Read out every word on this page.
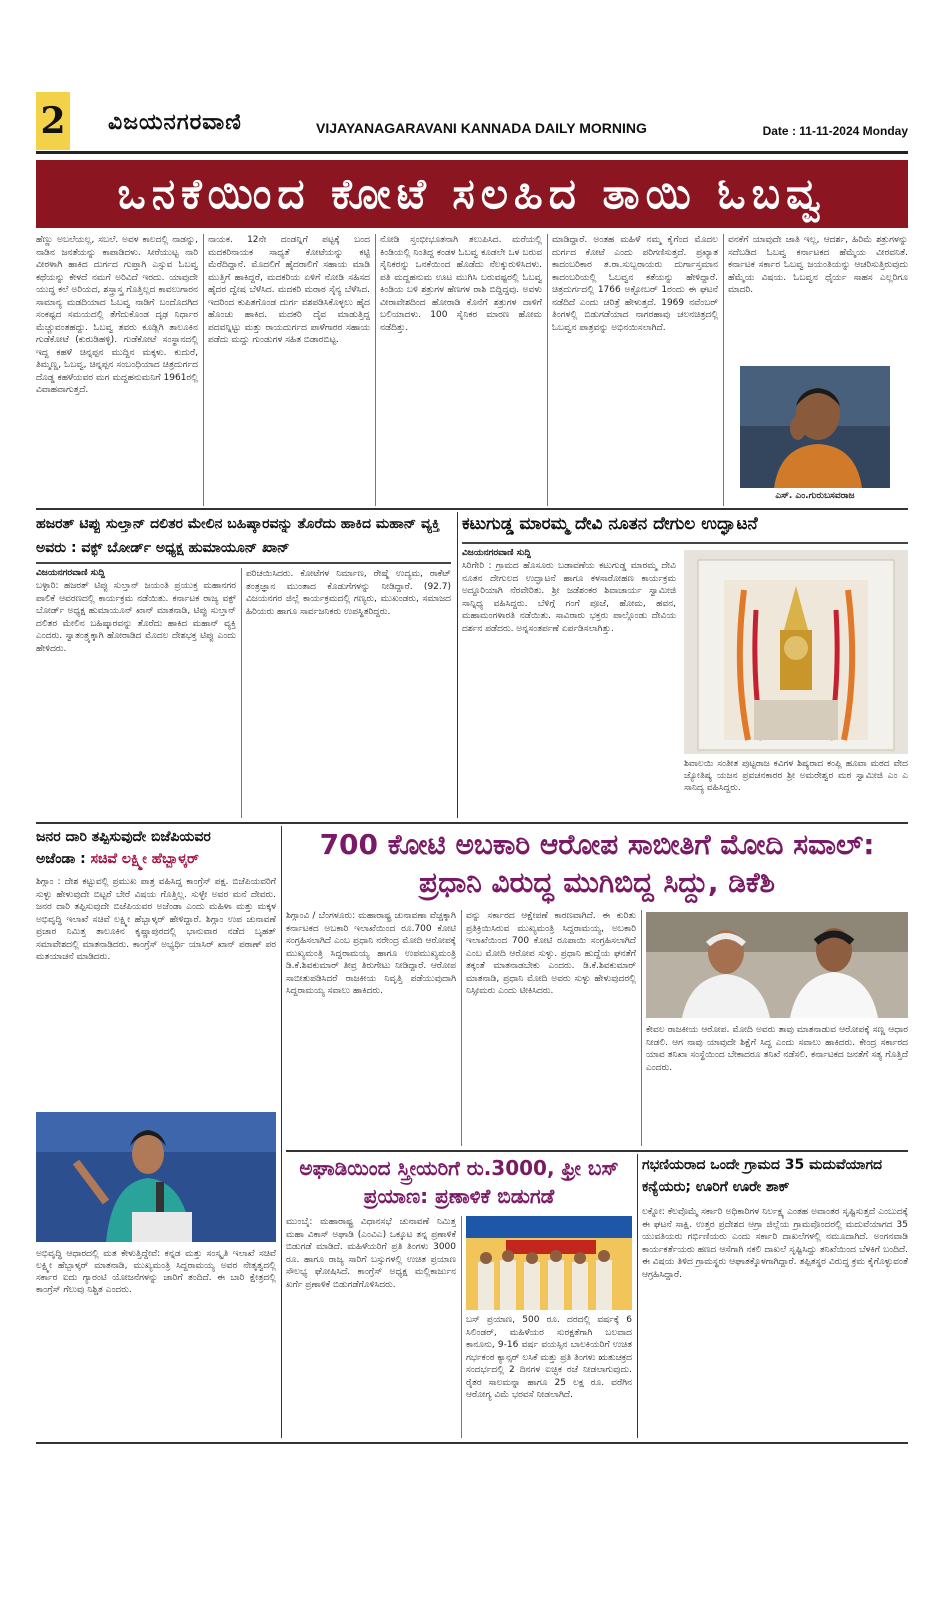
2 ವಿಜಯನಗರವಾಣಿ	VIJAYANAGARAVANI KANNADA DAILY MORNING	Date : 11-11-2024 Monday
ಒನಕೆಯಿಂದ ಕೋಟೆ ಸಲಹಿದ ತಾಯಿ ಓಬವ್ವ
ಹೆಣ್ಣು ಅಬಲೆಯಲ್ಲ, ಸಬಲೆ. ಅವಳ ಕಾಲದಲ್ಲಿ ನಾಡನ್ನು, ನಾಡಿನ ಜನತೆಯನ್ನು ಕಾಪಾಡಿದಳು. ಸೀರೆಯುಟ್ಟ ನಾರಿ ವೀರಳಾಗಿ ಹಾಕಿದ ದುರ್ಗದ ಗುಪ್ತಾಗಿ ಎಸ್ಸುವ ಓಬವ್ವ ಕಥೆಯನ್ನು ಕೇಳದೆ ನಮಗೆ ಅರಿವಿದೆ ಇರದು. ಯಾವುದೇ ಯುದ್ಧ ಕಲೆ ಅರಿಯದ, ಶಸ್ತ್ರಾಸ್ತ್ರ ಗೊತ್ತಿಲ್ಲದ ಕಾವಲುಗಾರನ ಸಾಮಾನ್ಯ ಮಡದಿಯಾದ ಓಬವ್ವ ನಾಡಿಗೆ ಬಂದೊದಗಿದ ಸಂಕಷ್ಟದ ಸಮಯದಲ್ಲಿ ತೆಗೆದುಕೊಂಡ ದೃಢ ನಿರ್ಧಾರ ಮೆಚ್ಚುವಂತಹದ್ದು. ಓಬವ್ವ ತವರು ಕೂಡ್ಲಿಗಿ ತಾಲೂಕಿನ ಗುಡೆಕೋಟೆ (ಕುರುಡಿಹಳ್ಳಿ). ಗುಡೆಕೋಟೆ ಸಂಸ್ಥಾನದಲ್ಲಿ ಇದ್ದ ಕಹಳೆ ಚಿನ್ನಪ್ಪನ ಮುದ್ದಿನ ಮಕ್ಕಳು. ಕುದುರೆ, ತಿಮ್ಮಣ್ಣ, ಓಬವ್ವ, ಚಿನ್ನಪ್ಪನ ಸಂಬಂಧಿಯಾದ ಚಿತ್ರದುರ್ಗದ ದೊಡ್ಡ ಕಹಳೆಯವರ ಮಗ ಮದ್ದಹನುಮನಿಗೆ 1961ರಲ್ಲಿ ವಿವಾಹವಾಗುತ್ತದೆ.
ನಾಯಕ. 12ನೇ ದಂಡನ್ನಿಗೆ ಪಟ್ಟಕ್ಕೆ ಬಂದ ಮದಕರಿನಾಯಕ ಸಾಧ್ಯತೆ ಕೋಟೆಯನ್ನು ಕಟ್ಟಿ ಮೆರೆದಿದ್ದಾನೆ. ಮೊದಲಿಗೆ ಹೈದರಾಲಿಗೆ ಸಹಾಯ ಮಾಡಿ ಮುತ್ತಿಗೆ ಹಾಕಿದ್ದರೆ, ಮದಕರಿಯ ಏಳಿಗೆ ನೋಡಿ ಸಹಿಸದ ಹೈದರ ದ್ವೇಷ ಬೆಳೆಸಿದ. ಮದಕರಿ ಮರಾಠ ಸೈನ್ಯ ಬೆಳೆಸಿದ. ಇದರಿಂದ ಕುಪಿತಗೊಂಡ ದುರ್ಗ ವಶಪಡಿಸಿಕೊಳ್ಳಲು ಹೈದ ಹೊಂಚು ಹಾಕಿದ. ಮದಕರಿ ದೈವ ಮಾಡುತ್ತಿದ್ದ ಪದವನ್ನಿಟ್ಟು ಮತ್ತು ರಾಯದುರ್ಗದ ಪಾಳೆಗಾರರ ಸಹಾಯ ಪಡೆದು ಮದ್ದು ಗುಂಡುಗಳ ಸಹಿತ ಬಿಡಾರಬಿಟ್ಟ.
ನೋಡಿ ಸ್ತಂಭೀಭೂತನಾಗಿ ತಲುಪಿಸಿದ. ಮರೆಯಲ್ಲಿ ಕಿಂಡಿಯಲ್ಲಿ ನಿಂತಿದ್ದ ಕಂಡಳ ಓಬವ್ವ ಕೂಡಲೇ ಒಳ ಬರುವ ಸೈನಿಕರನ್ನು ಒನಕೆಯಿಂದ ಹೊಡೆದು ನೆಲಕ್ಕುರುಳಿಸಿದಳು. ಪತಿ ಮದ್ದಹನುಮ ಊಟ ಮುಗಿಸಿ ಬರುವಷ್ಟರಲ್ಲಿ ಓಬವ್ವ ಕಿಂಡಿಯ ಬಳಿ ಶತ್ರುಗಳ ಹೆಣಗಳ ರಾಶಿ ಬಿದ್ದಿದ್ದವು. ಅವಳು ವೀರಾವೇಶದಿಂದ ಹೋರಾಡಿ ಕೊನೆಗೆ ಶತ್ರುಗಳ ದಾಳಿಗೆ ಬಲಿಯಾದಳು. 100 ಸೈನಿಕರ ಮಾರಣ ಹೋಮ ನಡೆದಿತ್ತು.
ಮಾಡಿದ್ದಾರೆ. ಅಂತಹ ಮಹಿಳೆ ನಮ್ಮ ಕೈಗೆಂದ ಮೊದಲ ದುರ್ಗದ ಕೋಟೆ ಎಂದು ಪರಿಗಣಿಸುತ್ತದೆ. ಪ್ರಖ್ಯಾತ ಕಾದಂಬರಿಕಾರ ತ.ರಾ.ಸುಬ್ಬರಾಯರು ದುರ್ಗಾಸ್ತಮಾನ ಕಾದಂಬರಿಯಲ್ಲಿ ಓಬವ್ವನ ಕತೆಯನ್ನು ಹೇಳಿದ್ದಾರೆ. ಚಿತ್ರದುರ್ಗದಲ್ಲಿ 1766 ಅಕ್ಟೋಬರ್ 1ರಂದು ಈ ಘಟನೆ ನಡೆದಿದೆ ಎಂದು ಚರಿತ್ರೆ ಹೇಳುತ್ತದೆ. 1969 ನವೆಂಬರ್ ತಿಂಗಳಲ್ಲಿ ಬಿಡುಗಡೆಯಾದ ನಾಗರಹಾವು ಚಲನಚಿತ್ರದಲ್ಲಿ ಓಬವ್ವನ ಪಾತ್ರವನ್ನು ಅಭಿನಯಿಸಲಾಗಿದೆ.
ವನಕೆಗೆ ಯಾವುದೇ ಜಾತಿ ಇಲ್ಲ, ಆದರ್ಶ, ಹಿರಿಮೆ ಶತ್ರುಗಳನ್ನು ಸದೆಬಡಿದ ಓಬವ್ವ ಕರ್ನಾಟಕದ ಹೆಮ್ಮೆಯ ವೀರವನಿತೆ. ಕರ್ನಾಟಕ ಸರ್ಕಾರ ಓಬವ್ವ ಜಯಂತಿಯನ್ನು ಆಚರಿಸುತ್ತಿರುವುದು ಹೆಮ್ಮೆಯ ವಿಷಯ. ಓಬವ್ವನ ಧೈರ್ಯ ಸಾಹಸ ಎಲ್ಲರಿಗೂ ಮಾದರಿ.
ಎಸ್. ಎಂ.ಗುರುಬಸವರಾಜ
ಹಜರತ್ ಟಿಪ್ಪು ಸುಲ್ತಾನ್ ದಲಿತರ ಮೇಲಿನ ಬಹಿಷ್ಕಾರವನ್ನು ತೊರೆದು ಹಾಕಿದ ಮಹಾನ್ ವ್ಯಕ್ತಿ ಅವರು : ವಕ್ಫ್ ಬೋರ್ಡ್ ಅಧ್ಯಕ್ಷ ಹುಮಾಯೂನ್ ಖಾನ್
ವಿಜಯನಗರವಾಣಿ ಸುದ್ದಿ
ಬಳ್ಳಾರಿ: ಹಜರತ್ ಟಿಪ್ಪು ಸುಲ್ತಾನ್ ಜಯಂತಿ ಪ್ರಯುಕ್ತ ಮಹಾನಗರ ಪಾಲಿಕೆ ಆವರಣದಲ್ಲಿ ಕಾರ್ಯಕ್ರಮ ನಡೆಯಿತು. ಕರ್ನಾಟಕ ರಾಜ್ಯ ವಕ್ಫ್ ಬೋರ್ಡ್ ಅಧ್ಯಕ್ಷ ಹುಮಾಯೂನ್ ಖಾನ್ ಮಾತನಾಡಿ, ಟಿಪ್ಪು ಸುಲ್ತಾನ್ ದಲಿತರ ಮೇಲಿನ ಬಹಿಷ್ಕಾರವನ್ನು ತೊರೆದು ಹಾಕಿದ ಮಹಾನ್ ವ್ಯಕ್ತಿ ಎಂದರು. ಸ್ವಾತಂತ್ರ್ಯಕ್ಕಾಗಿ ಹೋರಾಡಿದ ಮೊದಲ ದೇಶಭಕ್ತ ಟಿಪ್ಪು ಎಂದು ಹೇಳಿದರು.
ಪರಿಚಯಿಸಿದರು. ಕೋಟೆಗಳ ನಿರ್ಮಾಣ, ರೇಷ್ಮೆ ಉದ್ಯಮ, ರಾಕೆಟ್ ತಂತ್ರಜ್ಞಾನ ಮುಂತಾದ ಕೊಡುಗೆಗಳನ್ನು ನೀಡಿದ್ದಾರೆ. (92.7) ವಿಜಯನಗರ ಜಿಲ್ಲೆ ಕಾರ್ಯಕ್ರಮದಲ್ಲಿ ಗಣ್ಯರು, ಮುಖಂಡರು, ಸಮಾಜದ ಹಿರಿಯರು ಹಾಗೂ ಸಾರ್ವಜನಿಕರು ಉಪಸ್ಥಿತರಿದ್ದರು.
ಕಟುಗುಡ್ಡ ಮಾರಮ್ಮ ದೇವಿ ನೂತನ ದೇಗುಲ ಉದ್ಘಾಟನೆ
ವಿಜಯನಗರವಾಣಿ ಸುದ್ದಿ
ಸಿರಿಗೇರಿ : ಗ್ರಾಮದ ಹೊಸೂರು ಬಡಾವಣೆಯ ಕಟುಗುಡ್ಡ ಮಾರಮ್ಮ ದೇವಿ ನೂತನ ದೇಗುಲದ ಉದ್ಘಾಟನೆ ಹಾಗೂ ಕಳಸಾರೋಹಣ ಕಾರ್ಯಕ್ರಮ ಅದ್ದೂರಿಯಾಗಿ ನೆರವೇರಿತು. ಶ್ರೀ ಜಡೆಶಂಕರ ಶಿವಾಚಾರ್ಯ ಸ್ವಾಮೀಜಿ ಸಾನ್ನಿಧ್ಯ ವಹಿಸಿದ್ದರು. ಬೆಳಿಗ್ಗೆ ಗಂಗೆ ಪೂಜೆ, ಹೋಮ, ಹವನ, ಮಹಾಮಂಗಳಾರತಿ ನಡೆಯಿತು. ಸಾವಿರಾರು ಭಕ್ತರು ಪಾಲ್ಗೊಂಡು ದೇವಿಯ ದರ್ಶನ ಪಡೆದರು. ಅನ್ನಸಂತರ್ಪಣೆ ಏರ್ಪಡಿಸಲಾಗಿತ್ತು.
ಶಿವಾಲಯಿ ಸಂತೀತ ಪುಟ್ಟರಾಜ ಕವಿಗಳ ಶಿಷ್ಯರಾದ ಕಂಪ್ಲಿ ಹೂವಾ ಮಠದ ವೇದ ಜ್ಯೋತಿಷ್ಯ ಯಜನ ಪ್ರವಚನಕಾರರ ಶ್ರೀ ಅಮರೇಶ್ವರ ಮಠ ಸ್ವಾಮೀಜಿ ಎಂ ಎ ಸಾನಿದ್ಯ ವಹಿಸಿದ್ದರು.
ಜನರ ದಾರಿ ತಪ್ಪಿಸುವುದೇ ಬಿಜೆಪಿಯವರ
ಅಜೆಂಡಾ : ಸಚಿವೆ ಲಕ್ಷ್ಮೀ ಹೆಬ್ಬಾಳ್ಕರ್
ಶಿಗ್ಗಾಂ : ದೇಶ ಕಟ್ಟುವಲ್ಲಿ ಪ್ರಮುಖ ಪಾತ್ರ ವಹಿಸಿದ್ದ ಕಾಂಗ್ರೆಸ್ ಪಕ್ಷ. ಬಿಜೆಪಿಯವರಿಗೆ ಸುಳ್ಳು ಹೇಳುವುದೇ ಬಿಟ್ಟರೆ ಬೇರೆ ವಿಷಯ ಗೊತ್ತಿಲ್ಲ. ಸುಳ್ಳೇ ಅವರ ಮನೆ ದೇವರು. ಜನರ ದಾರಿ ತಪ್ಪಿಸುವುದೇ ಬಿಜೆಪಿಯವರ ಅಜೆಂಡಾ ಎಂದು ಮಹಿಳಾ ಮತ್ತು ಮಕ್ಕಳ ಅಭಿವೃದ್ಧಿ ಇಲಾಖೆ ಸಚಿವೆ ಲಕ್ಷ್ಮೀ ಹೆಬ್ಬಾಳ್ಕರ್ ಹೇಳಿದ್ದಾರೆ. ಶಿಗ್ಗಾಂ ಉಪ ಚುನಾವಣೆ ಪ್ರಚಾರ ನಿಮಿತ್ತ ತಾಲೂಕಿನ ಕೃಷ್ಣಾಪುರದಲ್ಲಿ ಭಾನುವಾರ ನಡೆದ ಬೃಹತ್ ಸಮಾವೇಶದಲ್ಲಿ ಮಾತನಾಡಿದರು. ಕಾಂಗ್ರೆಸ್ ಅಭ್ಯರ್ಥಿ ಯಾಸಿರ್ ಖಾನ್ ಪಠಾಣ್ ಪರ ಮತಯಾಚನೆ ಮಾಡಿದರು.
ಅಭಿವೃದ್ಧಿ ಆಧಾರದಲ್ಲಿ ಮತ ಕೇಳುತ್ತಿದ್ದೇವೆ: ಕನ್ನಡ ಮತ್ತು ಸಂಸ್ಕೃತಿ ಇಲಾಖೆ ಸಚಿವೆ ಲಕ್ಷ್ಮೀ ಹೆಬ್ಬಾಳ್ಕರ್ ಮಾತನಾಡಿ, ಮುಖ್ಯಮಂತ್ರಿ ಸಿದ್ದರಾಮಯ್ಯ ಅವರ ನೇತೃತ್ವದಲ್ಲಿ ಸರ್ಕಾರ ಐದು ಗ್ಯಾರಂಟಿ ಯೋಜನೆಗಳನ್ನು ಜಾರಿಗೆ ತಂದಿದೆ. ಈ ಬಾರಿ ಕ್ಷೇತ್ರದಲ್ಲಿ ಕಾಂಗ್ರೆಸ್ ಗೆಲುವು ನಿಶ್ಚಿತ ಎಂದರು.
700 ಕೋಟಿ ಅಬಕಾರಿ ಆರೋಪ ಸಾಬೀತಿಗೆ ಮೋದಿ ಸವಾಲ್: ಪ್ರಧಾನಿ ವಿರುದ್ಧ ಮುಗಿಬಿದ್ದ ಸಿದ್ದು, ಡಿಕೆಶಿ
ಶಿಗ್ಗಾಂವಿ / ಬೆಂಗಳೂರು: ಮಹಾರಾಷ್ಟ್ರ ಚುನಾವಣಾ ವೆಚ್ಚಕ್ಕಾಗಿ ಕರ್ನಾಟಕದ ಅಬಕಾರಿ ಇಲಾಖೆಯಿಂದ ರೂ.700 ಕೋಟಿ ಸಂಗ್ರಹಿಸಲಾಗಿದೆ ಎಂಬ ಪ್ರಧಾನಿ ನರೇಂದ್ರ ಮೋದಿ ಆರೋಪಕ್ಕೆ ಮುಖ್ಯಮಂತ್ರಿ ಸಿದ್ದರಾಮಯ್ಯ ಹಾಗೂ ಉಪಮುಖ್ಯಮಂತ್ರಿ ಡಿ.ಕೆ.ಶಿವಕುಮಾರ್ ತೀವ್ರ ತಿರುಗೇಟು ನೀಡಿದ್ದಾರೆ. ಆರೋಪ ಸಾಬೀತುಪಡಿಸಿದರೆ ರಾಜಕೀಯ ನಿವೃತ್ತಿ ಪಡೆಯುವುದಾಗಿ ಸಿದ್ದರಾಮಯ್ಯ ಸವಾಲು ಹಾಕಿದರು.
ವನ್ನು ಸರ್ಕಾರದ ಆಕ್ಷೇಪಣೆ ಕಾರಣವಾಗಿದೆ. ಈ ಕುರಿತು ಪ್ರತಿಕ್ರಿಯಿಸಿರುವ ಮುಖ್ಯಮಂತ್ರಿ ಸಿದ್ದರಾಮಯ್ಯ, ಅಬಕಾರಿ ಇಲಾಖೆಯಿಂದ 700 ಕೋಟಿ ರೂಪಾಯಿ ಸಂಗ್ರಹಿಸಲಾಗಿದೆ ಎಂಬ ಮೋದಿ ಆರೋಪ ಸುಳ್ಳು. ಪ್ರಧಾನಿ ಹುದ್ದೆಯ ಘನತೆಗೆ ತಕ್ಕಂತೆ ಮಾತನಾಡಬೇಕು ಎಂದರು. ಡಿ.ಕೆ.ಶಿವಕುಮಾರ್ ಮಾತನಾಡಿ, ಪ್ರಧಾನಿ ಮೋದಿ ಅವರು ಸುಳ್ಳು ಹೇಳುವುದರಲ್ಲಿ ನಿಸ್ಸೀಮರು ಎಂದು ಟೀಕಿಸಿದರು.
ಕೇವಲ ರಾಜಕೀಯ ಆರೋಪ. ಮೋದಿ ಅವರು ತಾವು ಮಾತನಾಡುವ ಆರೋಪಕ್ಕೆ ಸಣ್ಣ ಆಧಾರ ನೀಡಲಿ. ಆಗ ನಾವು ಯಾವುದೇ ಶಿಕ್ಷೆಗೆ ಸಿದ್ಧ ಎಂದು ಸವಾಲು ಹಾಕಿದರು. ಕೇಂದ್ರ ಸರ್ಕಾರದ ಯಾವ ತನಿಖಾ ಸಂಸ್ಥೆಯಿಂದ ಬೇಕಾದರೂ ತನಿಖೆ ನಡೆಸಲಿ. ಕರ್ನಾಟಕದ ಜನತೆಗೆ ಸತ್ಯ ಗೊತ್ತಿದೆ ಎಂದರು.
ಅಘಾಡಿಯಿಂದ ಸ್ತ್ರೀಯರಿಗೆ ರು.3000, ಫ್ರೀ ಬಸ್ ಪ್ರಯಾಣ: ಪ್ರಣಾಳಿಕೆ ಬಿಡುಗಡೆ
ಮುಂಬೈ: ಮಹಾರಾಷ್ಟ್ರ ವಿಧಾನಸಭೆ ಚುನಾವಣೆ ನಿಮಿತ್ತ ಮಹಾ ವಿಕಾಸ್ ಅಘಾಡಿ (ಎಂವಿಎ) ಒಕ್ಕೂಟ ತನ್ನ ಪ್ರಣಾಳಿಕೆ ಬಿಡುಗಡೆ ಮಾಡಿದೆ. ಮಹಿಳೆಯರಿಗೆ ಪ್ರತಿ ತಿಂಗಳು 3000 ರೂ. ಹಾಗೂ ರಾಜ್ಯ ಸಾರಿಗೆ ಬಸ್ಸುಗಳಲ್ಲಿ ಉಚಿತ ಪ್ರಯಾಣ ಸೌಲಭ್ಯ ಘೋಷಿಸಿದೆ. ಕಾಂಗ್ರೆಸ್ ಅಧ್ಯಕ್ಷ ಮಲ್ಲಿಕಾರ್ಜುನ ಖರ್ಗೆ ಪ್ರಣಾಳಿಕೆ ಬಿಡುಗಡೆಗೊಳಿಸಿದರು.
ಬಸ್ ಪ್ರಯಾಣ, 500 ರೂ. ದರದಲ್ಲಿ ವರ್ಷಕ್ಕೆ 6 ಸಿಲಿಂಡರ್, ಮಹಿಳೆಯರ ಸುರಕ್ಷತೆಗಾಗಿ ಬಲವಾದ ಕಾನೂನು, 9-16 ವರ್ಷ ವಯಸ್ಸಿನ ಬಾಲಕಿಯರಿಗೆ ಉಚಿತ ಗರ್ಭಕಂಠ ಕ್ಯಾನ್ಸರ್ ಲಸಿಕೆ ಮತ್ತು ಪ್ರತಿ ತಿಂಗಳು ಋತುಚಕ್ರದ ಸಂದರ್ಭದಲ್ಲಿ 2 ದಿನಗಳ ಐಚ್ಛಿಕ ರಜೆ ನೀಡಲಾಗುವುದು. ರೈತರ ಸಾಲಮನ್ನಾ ಹಾಗೂ 25 ಲಕ್ಷ ರೂ. ವರೆಗಿನ ಆರೋಗ್ಯ ವಿಮೆ ಭರವಸೆ ನೀಡಲಾಗಿದೆ.
ಗಭಣಿಯರಾದ ಒಂದೇ ಗ್ರಾಮದ 35 ಮದುವೆಯಾಗದ ಕನ್ಯೆಯರು; ಊರಿಗೆ ಊರೇ ಶಾಕ್
ಲಕ್ನೋ: ಕೆಲವೊಮ್ಮೆ ಸರ್ಕಾರಿ ಅಧಿಕಾರಿಗಳ ನಿರ್ಲಕ್ಷ್ಯ ಎಂತಹ ಅವಾಂತರ ಸೃಷ್ಟಿಸುತ್ತದೆ ಎಂಬುದಕ್ಕೆ ಈ ಘಟನೆ ಸಾಕ್ಷಿ. ಉತ್ತರ ಪ್ರದೇಶದ ಆಗ್ರಾ ಜಿಲ್ಲೆಯ ಗ್ರಾಮವೊಂದರಲ್ಲಿ ಮದುವೆಯಾಗದ 35 ಯುವತಿಯರು ಗರ್ಭಿಣಿಯರು ಎಂದು ಸರ್ಕಾರಿ ದಾಖಲೆಗಳಲ್ಲಿ ನಮೂದಾಗಿದೆ. ಅಂಗನವಾಡಿ ಕಾರ್ಯಕರ್ತೆಯರು ಹಣದ ಆಸೆಗಾಗಿ ನಕಲಿ ದಾಖಲೆ ಸೃಷ್ಟಿಸಿದ್ದು ತನಿಖೆಯಿಂದ ಬೆಳಕಿಗೆ ಬಂದಿದೆ. ಈ ವಿಷಯ ತಿಳಿದ ಗ್ರಾಮಸ್ಥರು ಆಘಾತಕ್ಕೊಳಗಾಗಿದ್ದಾರೆ. ತಪ್ಪಿತಸ್ಥರ ವಿರುದ್ಧ ಕ್ರಮ ಕೈಗೊಳ್ಳುವಂತೆ ಆಗ್ರಹಿಸಿದ್ದಾರೆ.
